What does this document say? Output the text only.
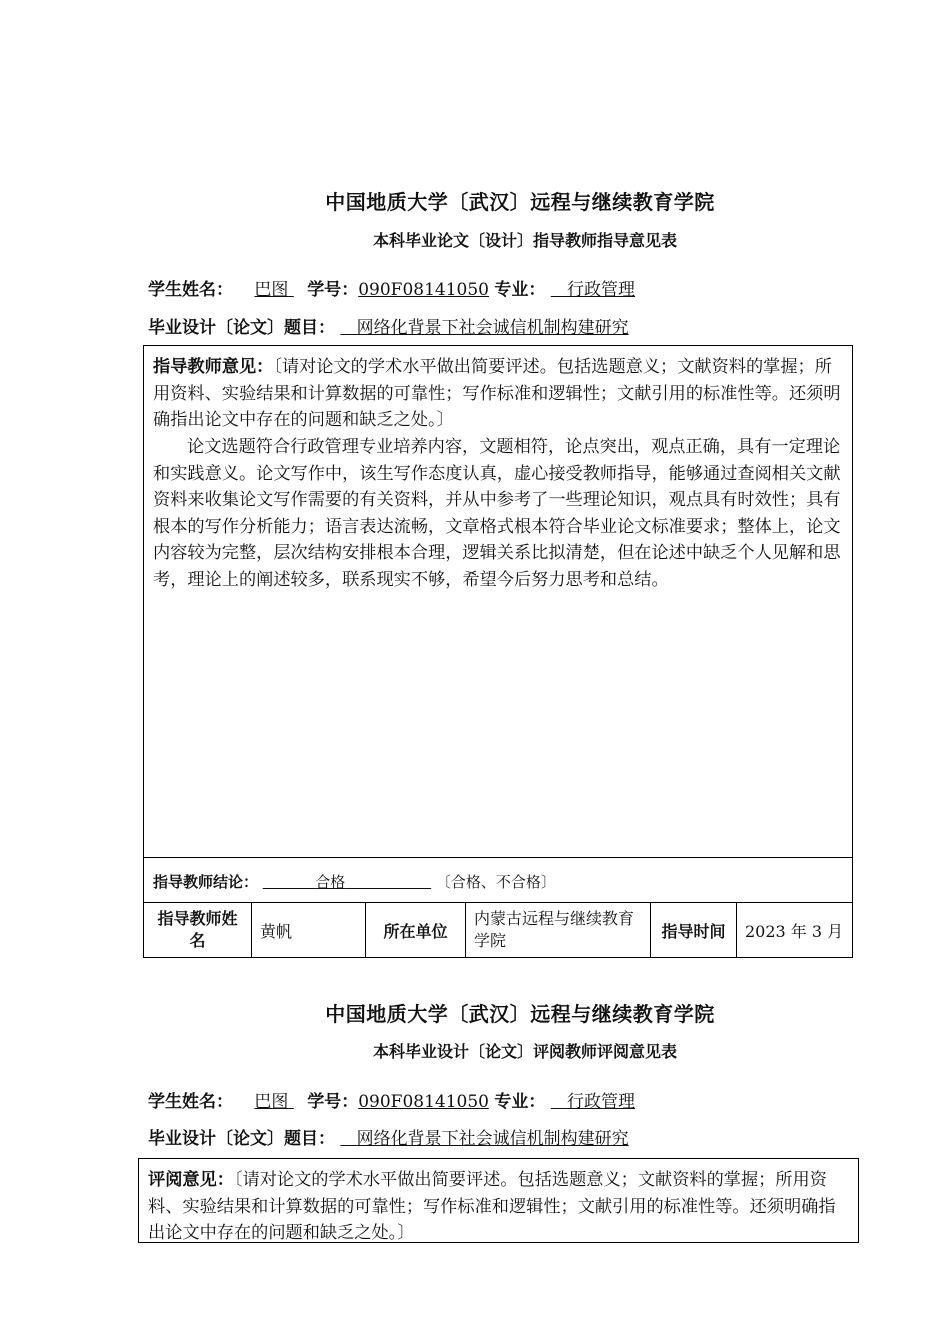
中国地质大学〔武汉〕远程与继续教育学院
本科毕业论文〔设计〕指导教师指导意见表
学生姓名： 巴图 学号：090F08141050 专业： 行政管理
毕业设计〔论文〕题目： 网络化背景下社会诚信机制构建研究
指导教师意见：〔请对论文的学术水平做出简要评述。包括选题意义；文献资料的掌握；所用资料、实验结果和计算数据的可靠性；写作标准和逻辑性；文献引用的标准性等。还须明确指出论文中存在的问题和缺乏之处。〕
论文选题符合行政管理专业培养内容，文题相符，论点突出，观点正确，具有一定理论和实践意义。论文写作中，该生写作态度认真，虚心接受教师指导，能够通过查阅相关文献资料来收集论文写作需要的有关资料，并从中参考了一些理论知识，观点具有时效性；具有根本的写作分析能力；语言表达流畅，文章格式根本符合毕业论文标准要求；整体上，论文内容较为完整，层次结构安排根本合理，逻辑关系比拟清楚，但在论述中缺乏个人见解和思考，理论上的阐述较多，联系现实不够，希望今后努力思考和总结。
指导教师结论：	合格	〔合格、不合格〕
指导教师姓名	黄帆	所在单位	内蒙古远程与继续教育学院	指导时间	2023 年 3 月
中国地质大学〔武汉〕远程与继续教育学院
本科毕业设计〔论文〕评阅教师评阅意见表
学生姓名： 巴图 学号：090F08141050 专业： 行政管理
毕业设计〔论文〕题目： 网络化背景下社会诚信机制构建研究
评阅意见：〔请对论文的学术水平做出简要评述。包括选题意义；文献资料的掌握；所用资料、实验结果和计算数据的可靠性；写作标准和逻辑性；文献引用的标准性等。还须明确指出论文中存在的问题和缺乏之处。〕
